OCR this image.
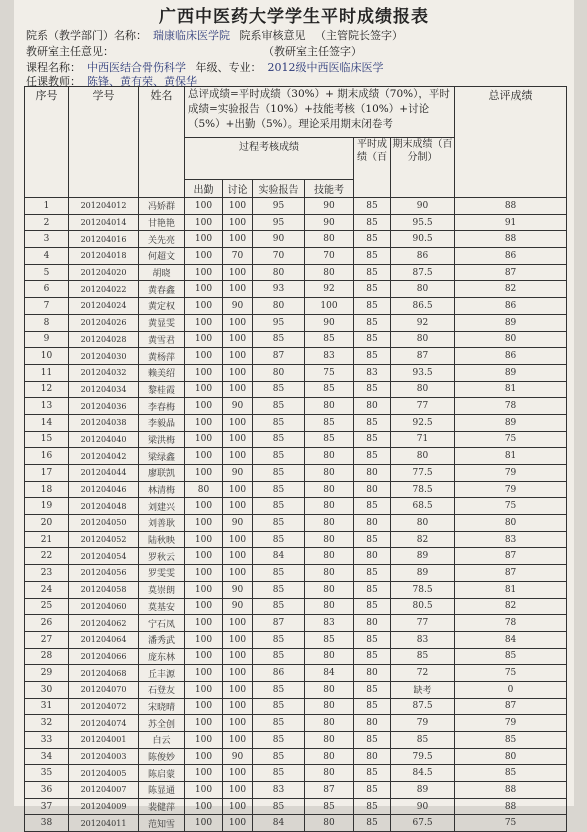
广西中医药大学学生平时成绩报表
院系（教学部门）名称： 瑞康临床医学院 院系审核意见 （主管院长签字）
教研室主任意见：	（教研室主任签字）
课程名称： 中西医结合骨伤科学 年级、专业： 2012级中西医临床医学
任课教师： 陈锋、黄有荣、黄保华
序号	学号	姓名	总评成绩=平时成绩（30%）+ 期末成绩（70%），平时成绩=实验报告（10%）+技能考核（10%）+讨论（5%）+出勤（5%）。理论采用期末闭卷考						总评成绩
			过程考核成绩				平时成绩（百	期末成绩（百分制）	
			出勤	讨论	实验报告	技能考			
1	201204012	冯娇群	100	100	95	90	85	90	88
2	201204014	甘艳艳	100	100	95	90	85	95.5	91
3	201204016	关先亮	100	100	90	80	85	90.5	88
4	201204018	何超文	100	70	70	70	85	86	86
5	201204020	胡晓	100	100	80	80	85	87.5	87
6	201204022	黄春鑫	100	100	93	92	85	80	82
7	201204024	黄定权	100	90	80	100	85	86.5	86
8	201204026	黄显雯	100	100	95	90	85	92	89
9	201204028	黄雪君	100	100	85	85	85	80	80
10	201204030	黄杨萍	100	100	87	83	85	87	86
11	201204032	赖美绍	100	100	80	75	83	93.5	89
12	201204034	黎桂霞	100	100	85	85	85	80	81
13	201204036	李春梅	100	90	85	80	80	77	78
14	201204038	李毅晶	100	100	85	85	85	92.5	89
15	201204040	梁洪梅	100	100	85	85	85	71	75
16	201204042	梁绿鑫	100	100	85	80	85	80	81
17	201204044	廖联凯	100	90	85	80	80	77.5	79
18	201204046	林清梅	80	100	85	80	80	78.5	79
19	201204048	刘建兴	100	100	85	80	85	68.5	75
20	201204050	刘善耿	100	90	85	80	80	80	80
21	201204052	陆秋映	100	100	85	80	85	82	83
22	201204054	罗秋云	100	100	84	80	80	89	87
23	201204056	罗雯雯	100	100	85	80	85	89	87
24	201204058	莫崇朗	100	90	85	80	85	78.5	81
25	201204060	莫基安	100	90	85	80	85	80.5	82
26	201204062	宁石凤	100	100	87	83	80	77	78
27	201204064	潘秀武	100	100	85	85	85	83	84
28	201204066	庞东林	100	100	85	80	85	85	85
29	201204068	丘丰源	100	100	86	84	80	72	75
30	201204070	石登友	100	100	85	80	85	缺考	0
31	201204072	宋晓晴	100	100	85	80	85	87.5	87
32	201204074	苏全创	100	100	85	80	80	79	79
33	201204001	白云	100	100	85	80	85	85	85
34	201204003	陈俊妙	100	90	85	80	80	79.5	80
35	201204005	陈启蒙	100	100	85	80	85	84.5	85
36	201204007	陈显通	100	100	83	87	85	89	88
37	201204009	裴健萍	100	100	85	85	85	90	88
38	201204011	范知雪	100	100	84	80	85	67.5	75
